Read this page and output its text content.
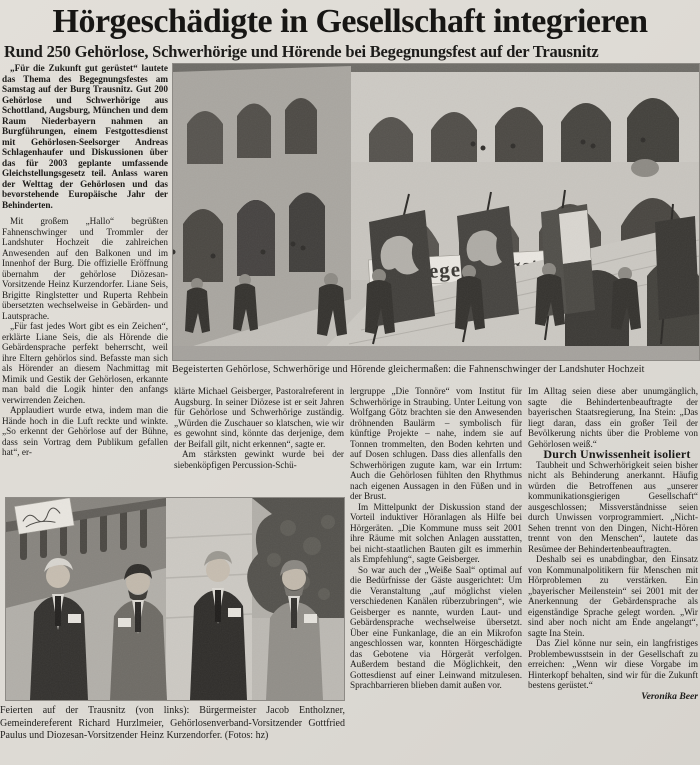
Hörgeschädigte in Gesellschaft integrieren
Rund 250 Gehörlose, Schwerhörige und Hörende bei Begegnungsfest auf der Trausnitz

„Für die Zukunft gut gerüstet“ lautete das Thema des Begegnungsfestes am Samstag auf der Burg Trausnitz. Gut 200 Gehörlose und Schwerhörige aus Schottland, Augsburg, München und dem Raum Niederbayern nahmen an Burgführungen, einem Festgottesdienst mit Gehörlosen-Seelsorger Andreas Schlagenhaufer und Diskussionen über das für 2003 geplante umfassende Gleichstellungsgesetz teil. Anlass waren der Welttag der Gehörlosen und das bevorstehende Europäische Jahr der Behinderten.

Mit großem „Hallo“ begrüßten Fahnenschwinger und Trommler der Landshuter Hochzeit die zahlreichen Anwesenden auf den Balkonen und im Innenhof der Burg. Die offizielle Eröffnung übernahm der gehörlose Diözesan-Vorsitzende Heinz Kurzendorfer. Liane Seis, Brigitte Ringlstetter und Ruperta Rehbein übersetzten wechselweise in Gebärden- und Lautsprache.

„Für fast jedes Wort gibt es ein Zeichen“, erklärte Liane Seis, die als Hörende die Gebärdensprache perfekt beherrscht, weil ihre Eltern gehörlos sind. Befasste man sich als Hörender an diesem Nachmittag mit Mimik und Gestik der Gehörlosen, erkannte man bald die Logik hinter den anfangs verwirrenden Zeichen.

Applaudiert wurde etwa, indem man die Hände hoch in die Luft reckte und winkte. „So erkennt der Gehörlose auf der Bühne, dass sein Vortrag dem Publikum gefallen hat“, er-

Begeisterten Gehörlose, Schwerhörige und Hörende gleichermaßen: die Fahnenschwinger der Landshuter Hochzeit

klärte Michael Geisberger, Pastoralreferent in Augsburg. In seiner Diözese ist er seit Jahren für Gehörlose und Schwerhörige zuständig. „Würden die Zuschauer so klatschen, wie wir es gewohnt sind, könnte das derjenige, dem der Beifall gilt, nicht erkennen“, sagte er.

Am stärksten gewinkt wurde bei der siebenköpfigen Percussion-Schü-

lergruppe „Die Tonnöre“ vom Institut für Schwerhörige in Straubing. Unter Leitung von Wolfgang Götz brachten sie den Anwesenden dröhnenden Baulärm – symbolisch für künftige Projekte – nahe, indem sie auf Tonnen trommelten, den Boden kehrten und auf Dosen schlugen. Dass dies allenfalls den Schwerhörigen zugute kam, war ein Irrtum: Auch die Gehörlosen fühlten den Rhythmus nach eigenen Aussagen in den Füßen und in der Brust.

Im Mittelpunkt der Diskussion stand der Vorteil induktiver Höranlagen als Hilfe bei Hörgeräten. „Die Kommune muss seit 2001 ihre Räume mit solchen Anlagen ausstatten, bei nicht-staatlichen Bauten gilt es immerhin als Empfehlung“, sagte Geisberger.

So war auch der „Weiße Saal“ optimal auf die Bedürfnisse der Gäste ausgerichtet: Um die Veranstaltung „auf möglichst vielen verschiedenen Kanälen rüberzubringen“, wie Geisberger es nannte, wurden Laut- und Gebärdensprache wechselweise übersetzt. Über eine Funkanlage, die an ein Mikrofon angeschlossen war, konnten Hörgeschädigte das Gebotene via Hörgerät verfolgen. Außerdem bestand die Möglichkeit, den Gottesdienst auf einer Leinwand mitzulesen. Sprachbarrieren blieben damit außen vor.

Im Alltag seien diese aber unumgänglich, sagte die Behindertenbeauftragte der bayerischen Staatsregierung, Ina Stein: „Das liegt daran, dass ein großer Teil der Bevölkerung nichts über die Probleme von Gehörlosen weiß.“

Durch Unwissenheit isoliert

Taubheit und Schwerhörigkeit seien bisher nicht als Behinderung anerkannt. Häufig würden die Betroffenen aus „unserer kommunikationsgierigen Gesellschaft“ ausgeschlossen; Missverständnisse seien durch Unwissen vorprogrammiert. „Nicht-Sehen trennt von den Dingen, Nicht-Hören trennt von den Menschen“, lautete das Resümee der Behindertenbeauftragten.

Deshalb sei es unabdingbar, den Einsatz von Kommunalpolitikern für Menschen mit Hörproblemen zu verstärken. Ein „bayerischer Meilenstein“ sei 2001 mit der Anerkennung der Gebärdensprache als eigenständige Sprache gelegt worden. „Wir sind aber noch nicht am Ende angelangt“, sagte Ina Stein.

Das Ziel könne nur sein, ein langfristiges Problembewusstsein in der Gesellschaft zu erreichen: „Wenn wir diese Vorgabe im Hinterkopf behalten, sind wir für die Zukunft bestens gerüstet.“

Veronika Beer
Feierten auf der Trausnitz (von links): Bürgermeister Jacob Entholzner, Gemeindereferent Richard Hurzlmeier, Gehörlosenverband-Vorsitzender Gottfried Paulus und Diozesan-Vorsitzender Heinz Kurzendorfer. (Fotos: hz)
